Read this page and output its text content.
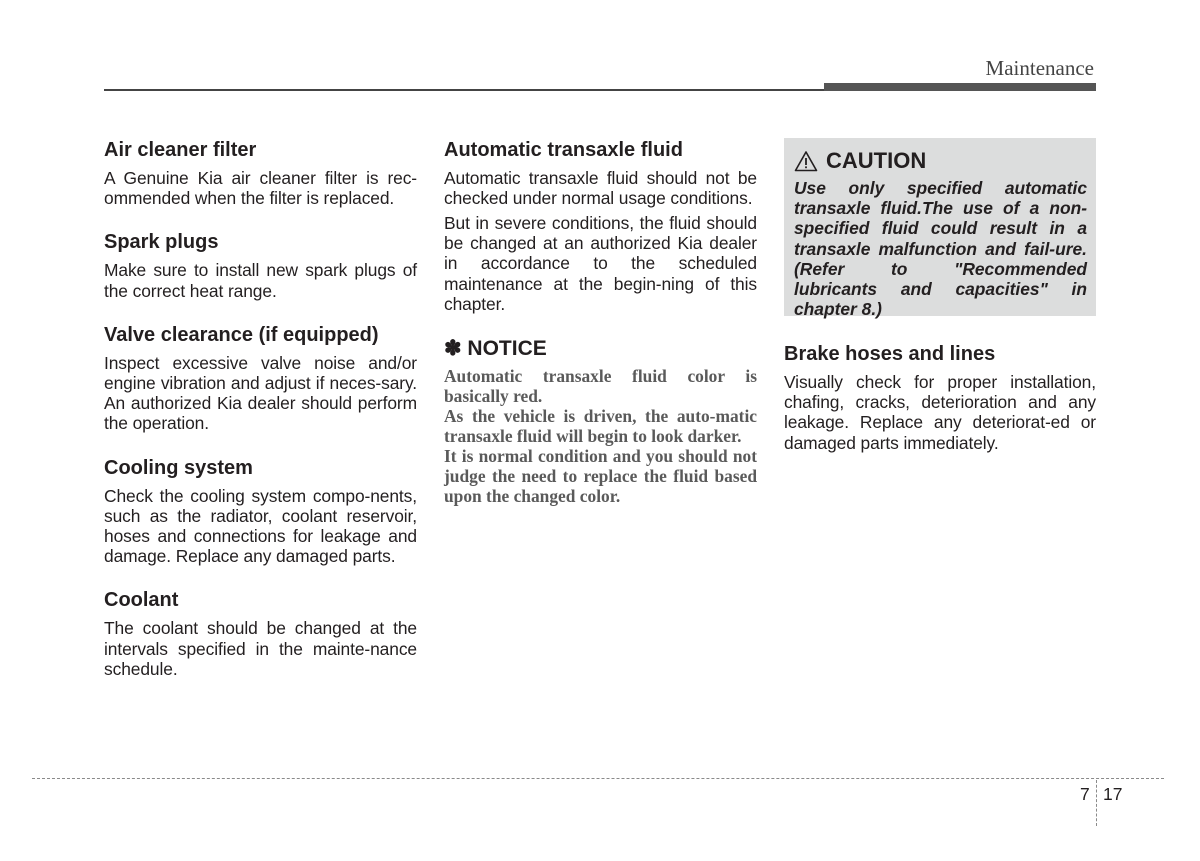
Maintenance
Air cleaner filter

A Genuine Kia air cleaner filter is rec-ommended when the filter is replaced.

Spark plugs

Make sure to install new spark plugs of the correct heat range.

Valve clearance (if equipped)

Inspect excessive valve noise and/or engine vibration and adjust if neces-sary. An authorized Kia dealer should perform the operation.

Cooling system

Check the cooling system compo-nents, such as the radiator, coolant reservoir, hoses and connections for leakage and damage. Replace any damaged parts.

Coolant

The coolant should be changed at the intervals specified in the mainte-nance schedule.

Automatic transaxle fluid

Automatic transaxle fluid should not be checked under normal usage conditions.

But in severe conditions, the fluid should be changed at an authorized Kia dealer in accordance to the scheduled maintenance at the begin-ning of this chapter.

✽ NOTICE

Automatic transaxle fluid color is basically red.

As the vehicle is driven, the auto-matic transaxle fluid will begin to look darker.

It is normal condition and you should not judge the need to replace the fluid based upon the changed color.

CAUTION

Use only specified automatic transaxle fluid.The use of a non-specified fluid could result in a transaxle malfunction and fail-ure. (Refer to "Recommended lubricants and capacities" in chapter 8.)

Brake hoses and lines

Visually check for proper installation, chafing, cracks, deterioration and any leakage. Replace any deteriorat-ed or damaged parts immediately.

7 17
